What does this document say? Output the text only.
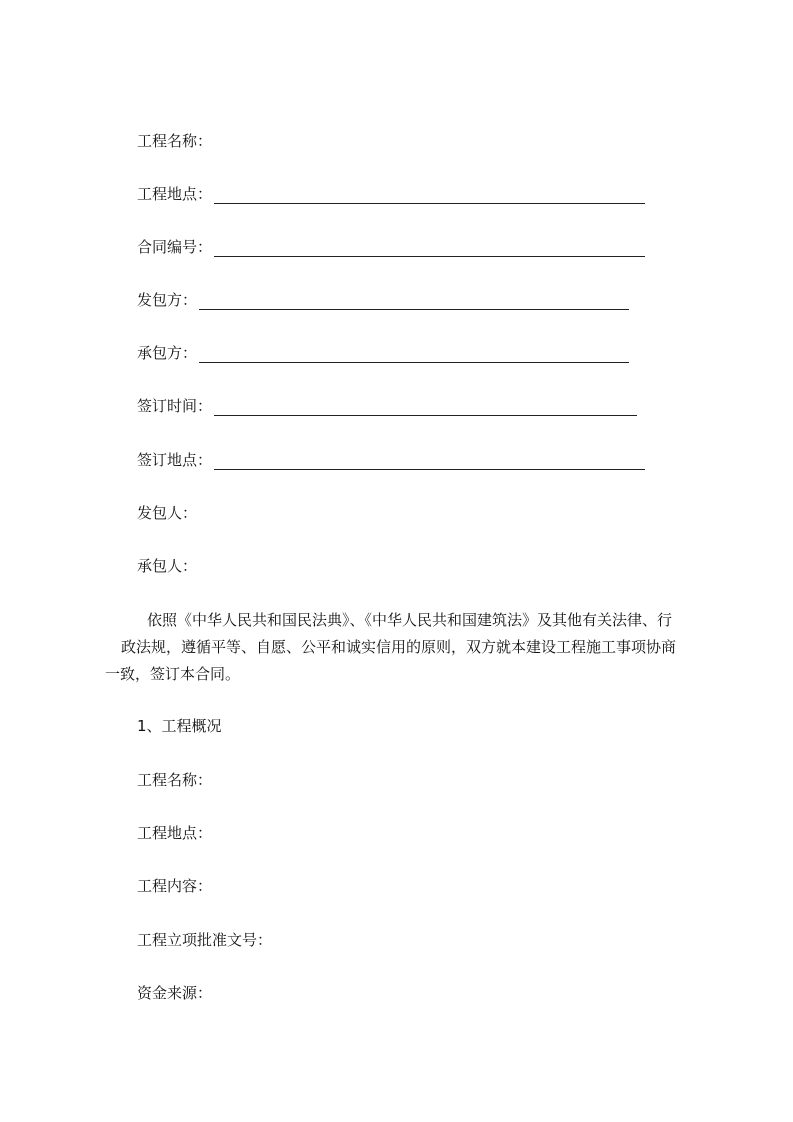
工程名称：
工程地点：
合同编号：
发包方：
承包方：
签订时间：
签订地点：
发包人：
承包人：
依照《中华人民共和国民法典》、《中华人民共和国建筑法》及其他有关法律、行
政法规，遵循平等、自愿、公平和诚实信用的原则，双方就本建设工程施工事项协商
一致，签订本合同。
1、工程概况
工程名称：
工程地点：
工程内容：
工程立项批准文号：
资金来源：
